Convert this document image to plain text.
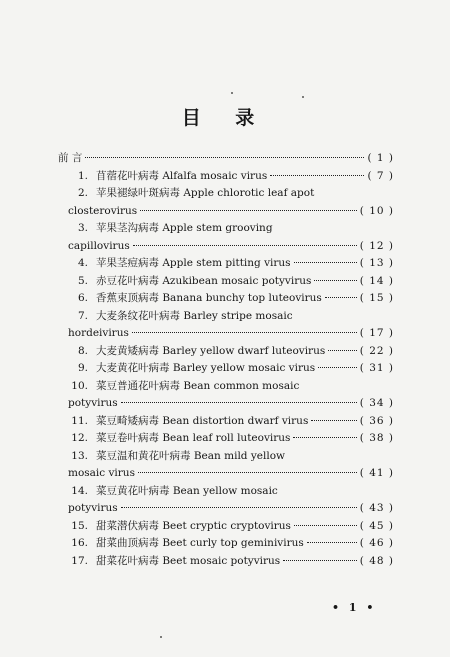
目 录
前 言	( 1 )
1. 苜蓿花叶病毒 Alfalfa mosaic virus	( 7 )
2. 苹果褪绿叶斑病毒 Apple chlorotic leaf apot
closterovirus	( 10 )
3. 苹果茎沟病毒 Apple stem grooving
capillovirus	( 12 )
4. 苹果茎痘病毒 Apple stem pitting virus	( 13 )
5. 赤豆花叶病毒 Azukibean mosaic potyvirus	( 14 )
6. 香蕉束顶病毒 Banana bunchy top luteovirus	( 15 )
7. 大麦条纹花叶病毒 Barley stripe mosaic
hordeivirus	( 17 )
8. 大麦黄矮病毒 Barley yellow dwarf luteovirus	( 22 )
9. 大麦黄花叶病毒 Barley yellow mosaic virus	( 31 )
10. 菜豆普通花叶病毒 Bean common mosaic
potyvirus	( 34 )
11. 菜豆畸矮病毒 Bean distortion dwarf virus	( 36 )
12. 菜豆卷叶病毒 Bean leaf roll luteovirus	( 38 )
13. 菜豆温和黄花叶病毒 Bean mild yellow
mosaic virus	( 41 )
14. 菜豆黄花叶病毒 Bean yellow mosaic
potyvirus	( 43 )
15. 甜菜潜伏病毒 Beet cryptic cryptovirus	( 45 )
16. 甜菜曲顶病毒 Beet curly top geminivirus	( 46 )
17. 甜菜花叶病毒 Beet mosaic potyvirus	( 48 )
• 1 •
